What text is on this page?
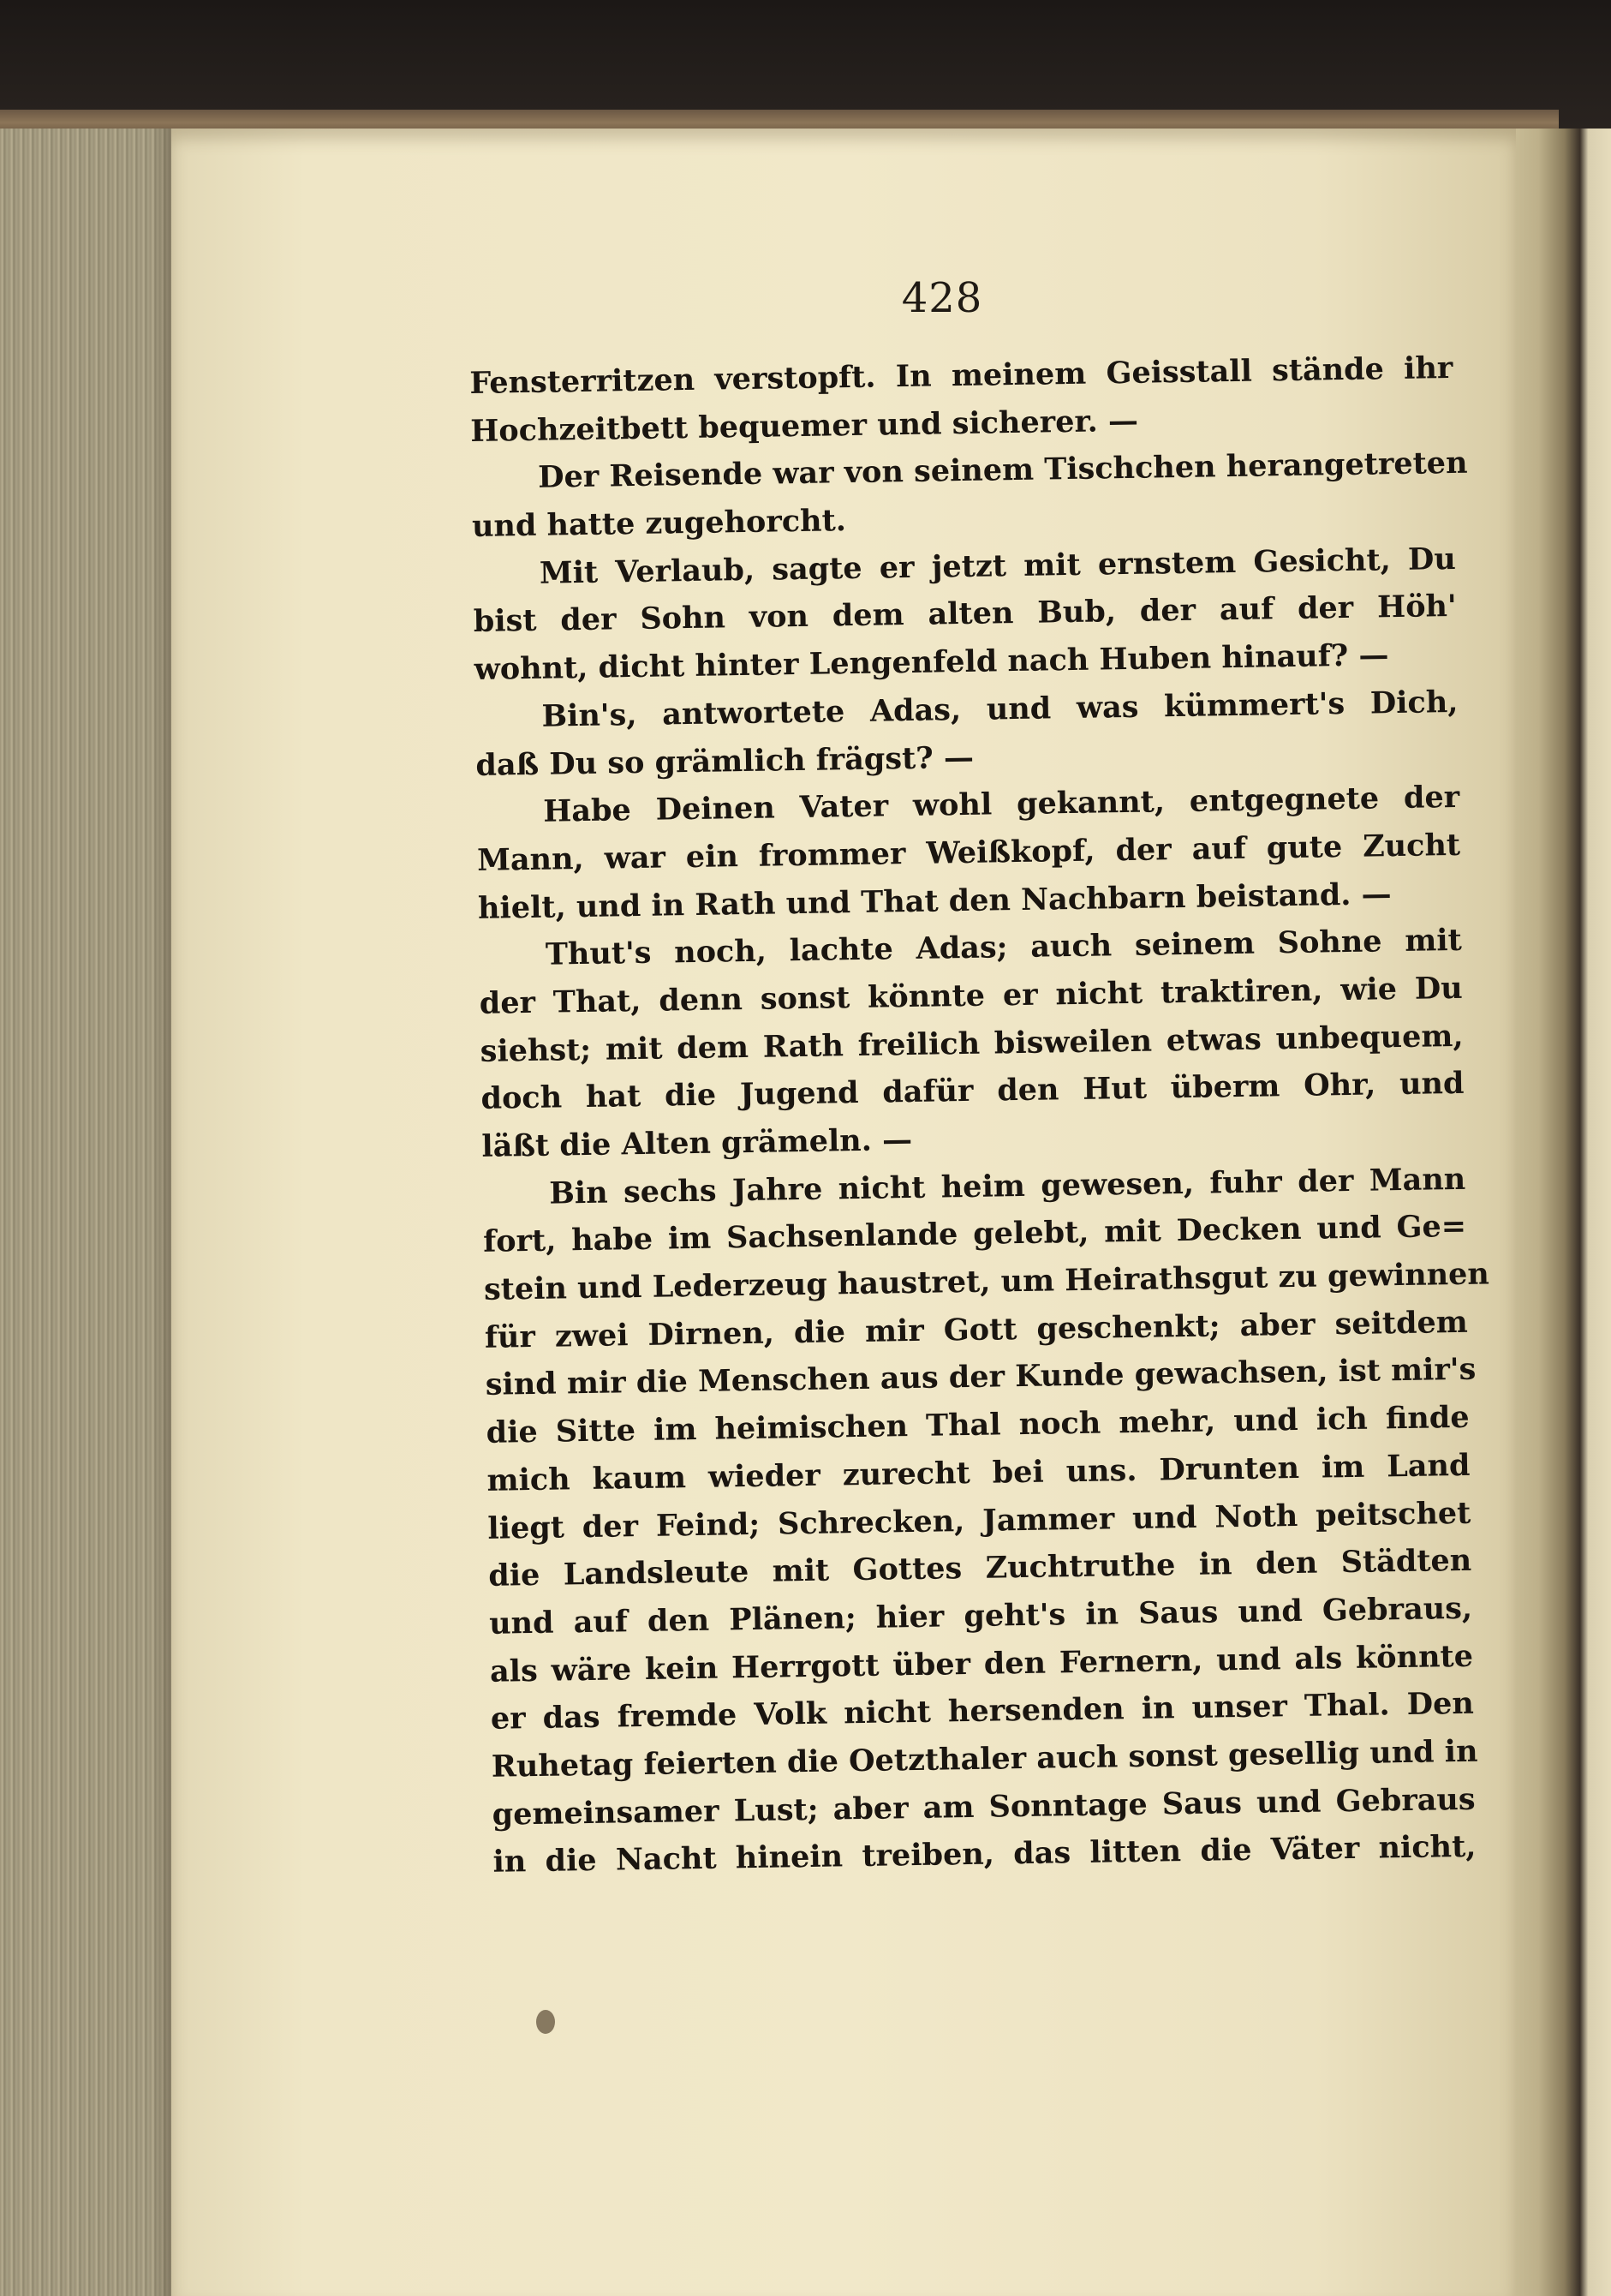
428
Fensterritzen verstopft. In meinem Geisstall stände ihr
Hochzeitbett bequemer und sicherer. —
Der Reisende war von seinem Tischchen herangetreten
und hatte zugehorcht.
Mit Verlaub, sagte er jetzt mit ernstem Gesicht, Du
bist der Sohn von dem alten Bub, der auf der Höh'
wohnt, dicht hinter Lengenfeld nach Huben hinauf? —
Bin's, antwortete Adas, und was kümmert's Dich,
daß Du so grämlich frägst? —
Habe Deinen Vater wohl gekannt, entgegnete der
Mann, war ein frommer Weißkopf, der auf gute Zucht
hielt, und in Rath und That den Nachbarn beistand. —
Thut's noch, lachte Adas; auch seinem Sohne mit
der That, denn sonst könnte er nicht traktiren, wie Du
siehst; mit dem Rath freilich bisweilen etwas unbequem,
doch hat die Jugend dafür den Hut überm Ohr, und
läßt die Alten grämeln. —
Bin sechs Jahre nicht heim gewesen, fuhr der Mann
fort, habe im Sachsenlande gelebt, mit Decken und Ge=
stein und Lederzeug haustret, um Heirathsgut zu gewinnen
für zwei Dirnen, die mir Gott geschenkt; aber seitdem
sind mir die Menschen aus der Kunde gewachsen, ist mir's
die Sitte im heimischen Thal noch mehr, und ich finde
mich kaum wieder zurecht bei uns. Drunten im Land
liegt der Feind; Schrecken, Jammer und Noth peitschet
die Landsleute mit Gottes Zuchtruthe in den Städten
und auf den Plänen; hier geht's in Saus und Gebraus,
als wäre kein Herrgott über den Fernern, und als könnte
er das fremde Volk nicht hersenden in unser Thal. Den
Ruhetag feierten die Oetzthaler auch sonst gesellig und in
gemeinsamer Lust; aber am Sonntage Saus und Gebraus
in die Nacht hinein treiben, das litten die Väter nicht,
